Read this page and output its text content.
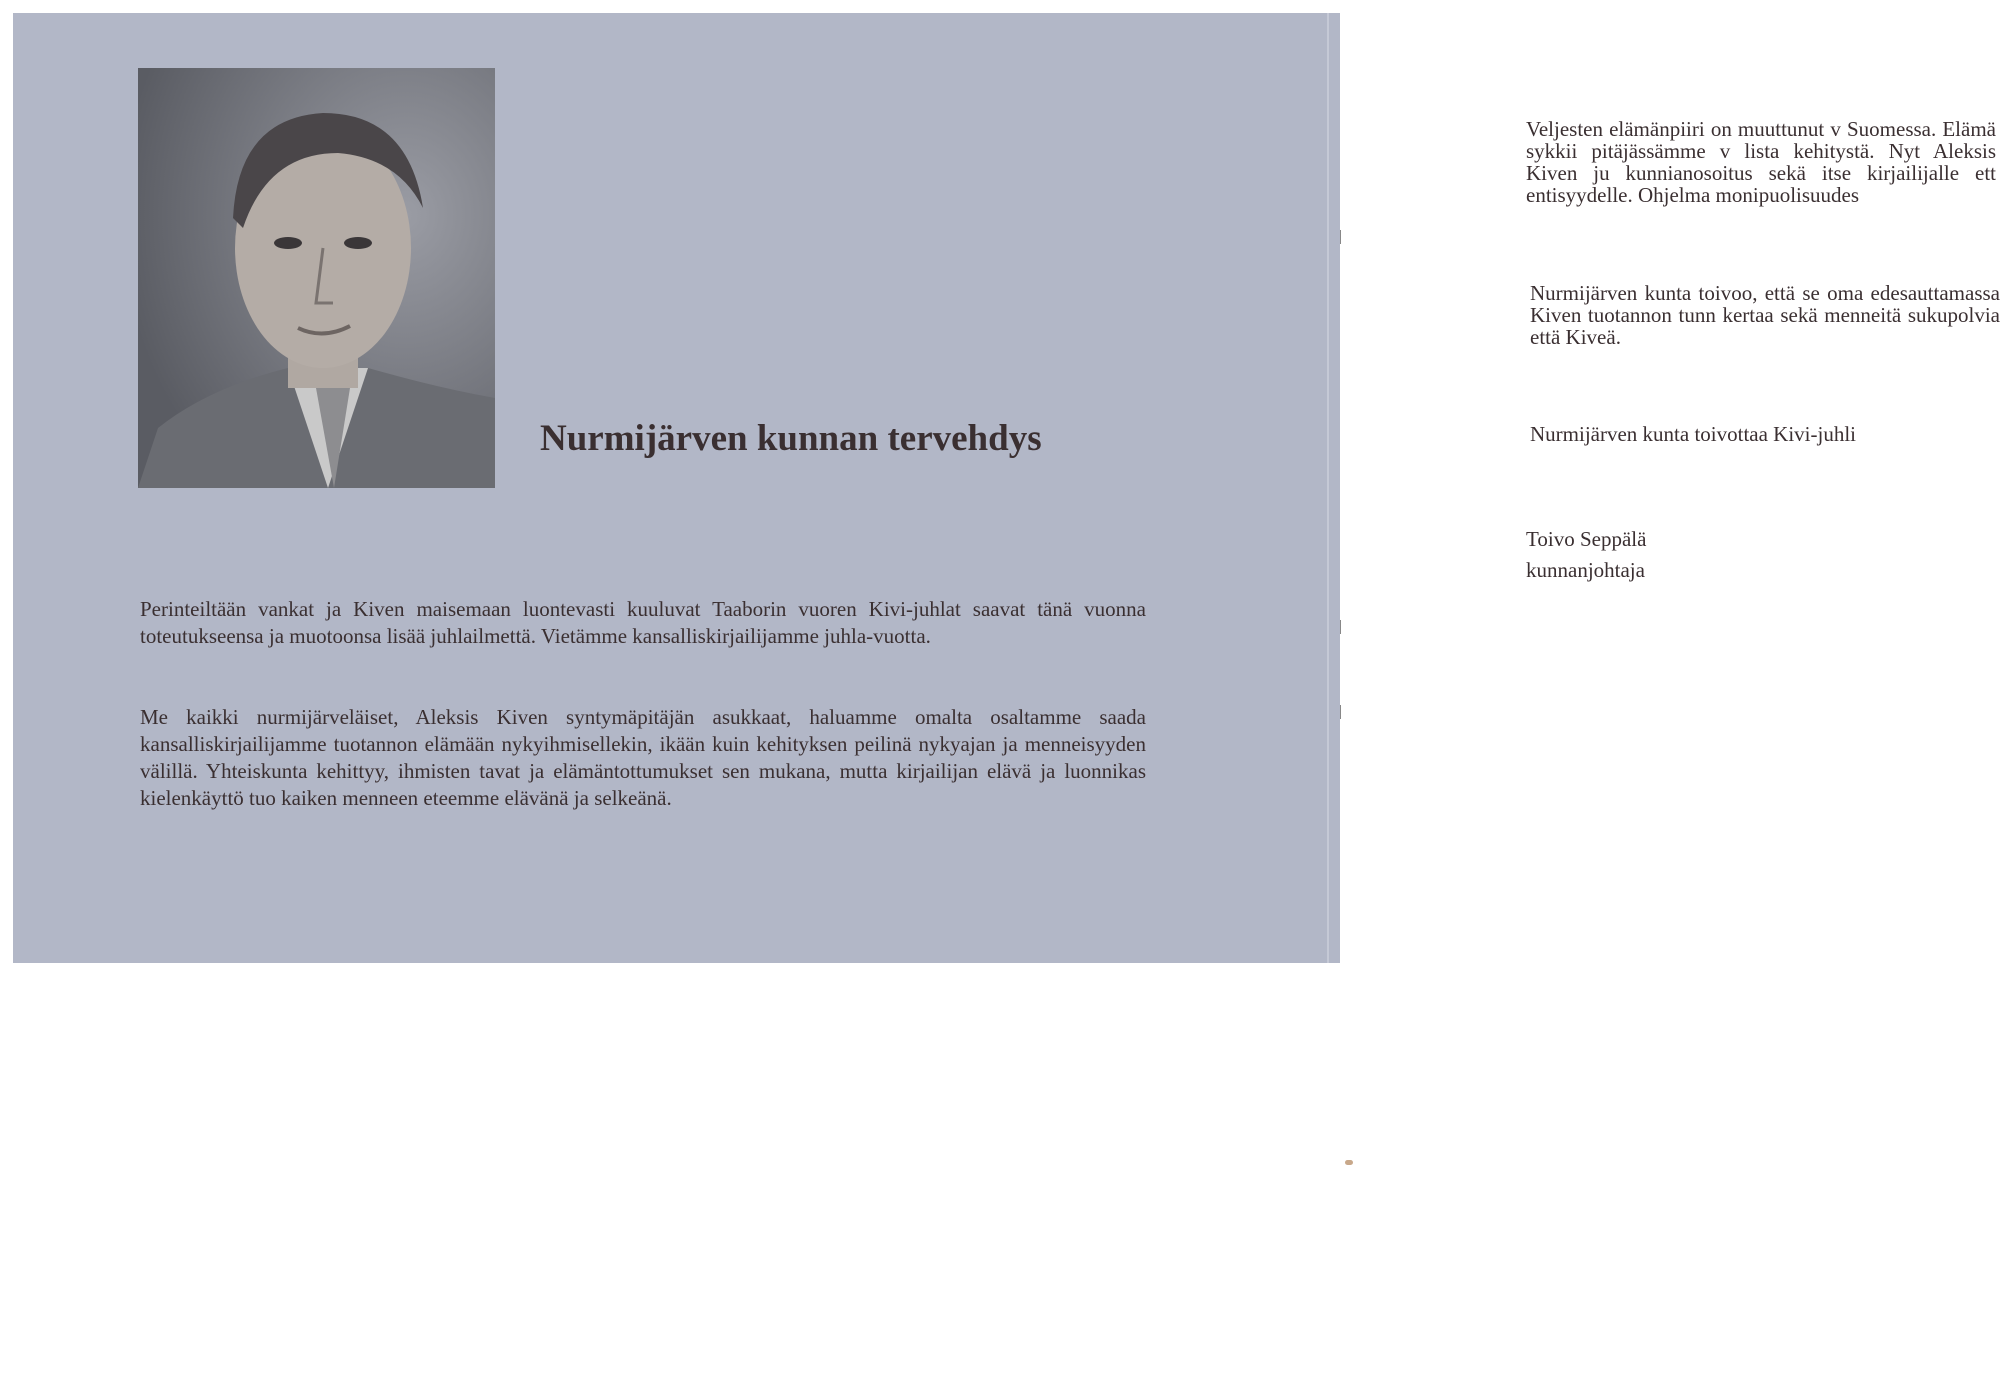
Nurmijärven kunnan tervehdys
Perinteiltään vankat ja Kiven maisemaan luontevasti kuuluvat Taaborin vuoren Kivi-juhlat saavat tänä vuonna toteutukseensa ja muotoonsa lisää juhlailmettä. Vietämme kansalliskirjailijamme juhla-vuotta.
Me kaikki nurmijärveläiset, Aleksis Kiven syntymäpitäjän asukkaat, haluamme omalta osaltamme saada kansalliskirjailijamme tuotannon elämään nykyihmisellekin, ikään kuin kehityksen peilinä nykyajan ja menneisyyden välillä. Yhteiskunta kehittyy, ihmisten tavat ja elämäntottumukset sen mukana, mutta kirjailijan elävä ja luonnikas kielenkäyttö tuo kaiken menneen eteemme elävänä ja selkeänä.
Veljesten elämänpiiri on muuttunut v Suomessa. Elämä sykkii pitäjässämme v lista kehitystä. Nyt Aleksis Kiven ju kunnianosoitus sekä itse kirjailijalle ett entisyydelle. Ohjelma monipuolisuudes
Nurmijärven kunta toivoo, että se oma edesauttamassa Kiven tuotannon tunn kertaa sekä menneitä sukupolvia että Kiveä.
Nurmijärven kunta toivottaa Kivi-juhli
Toivo Seppälä
kunnanjohtaja
